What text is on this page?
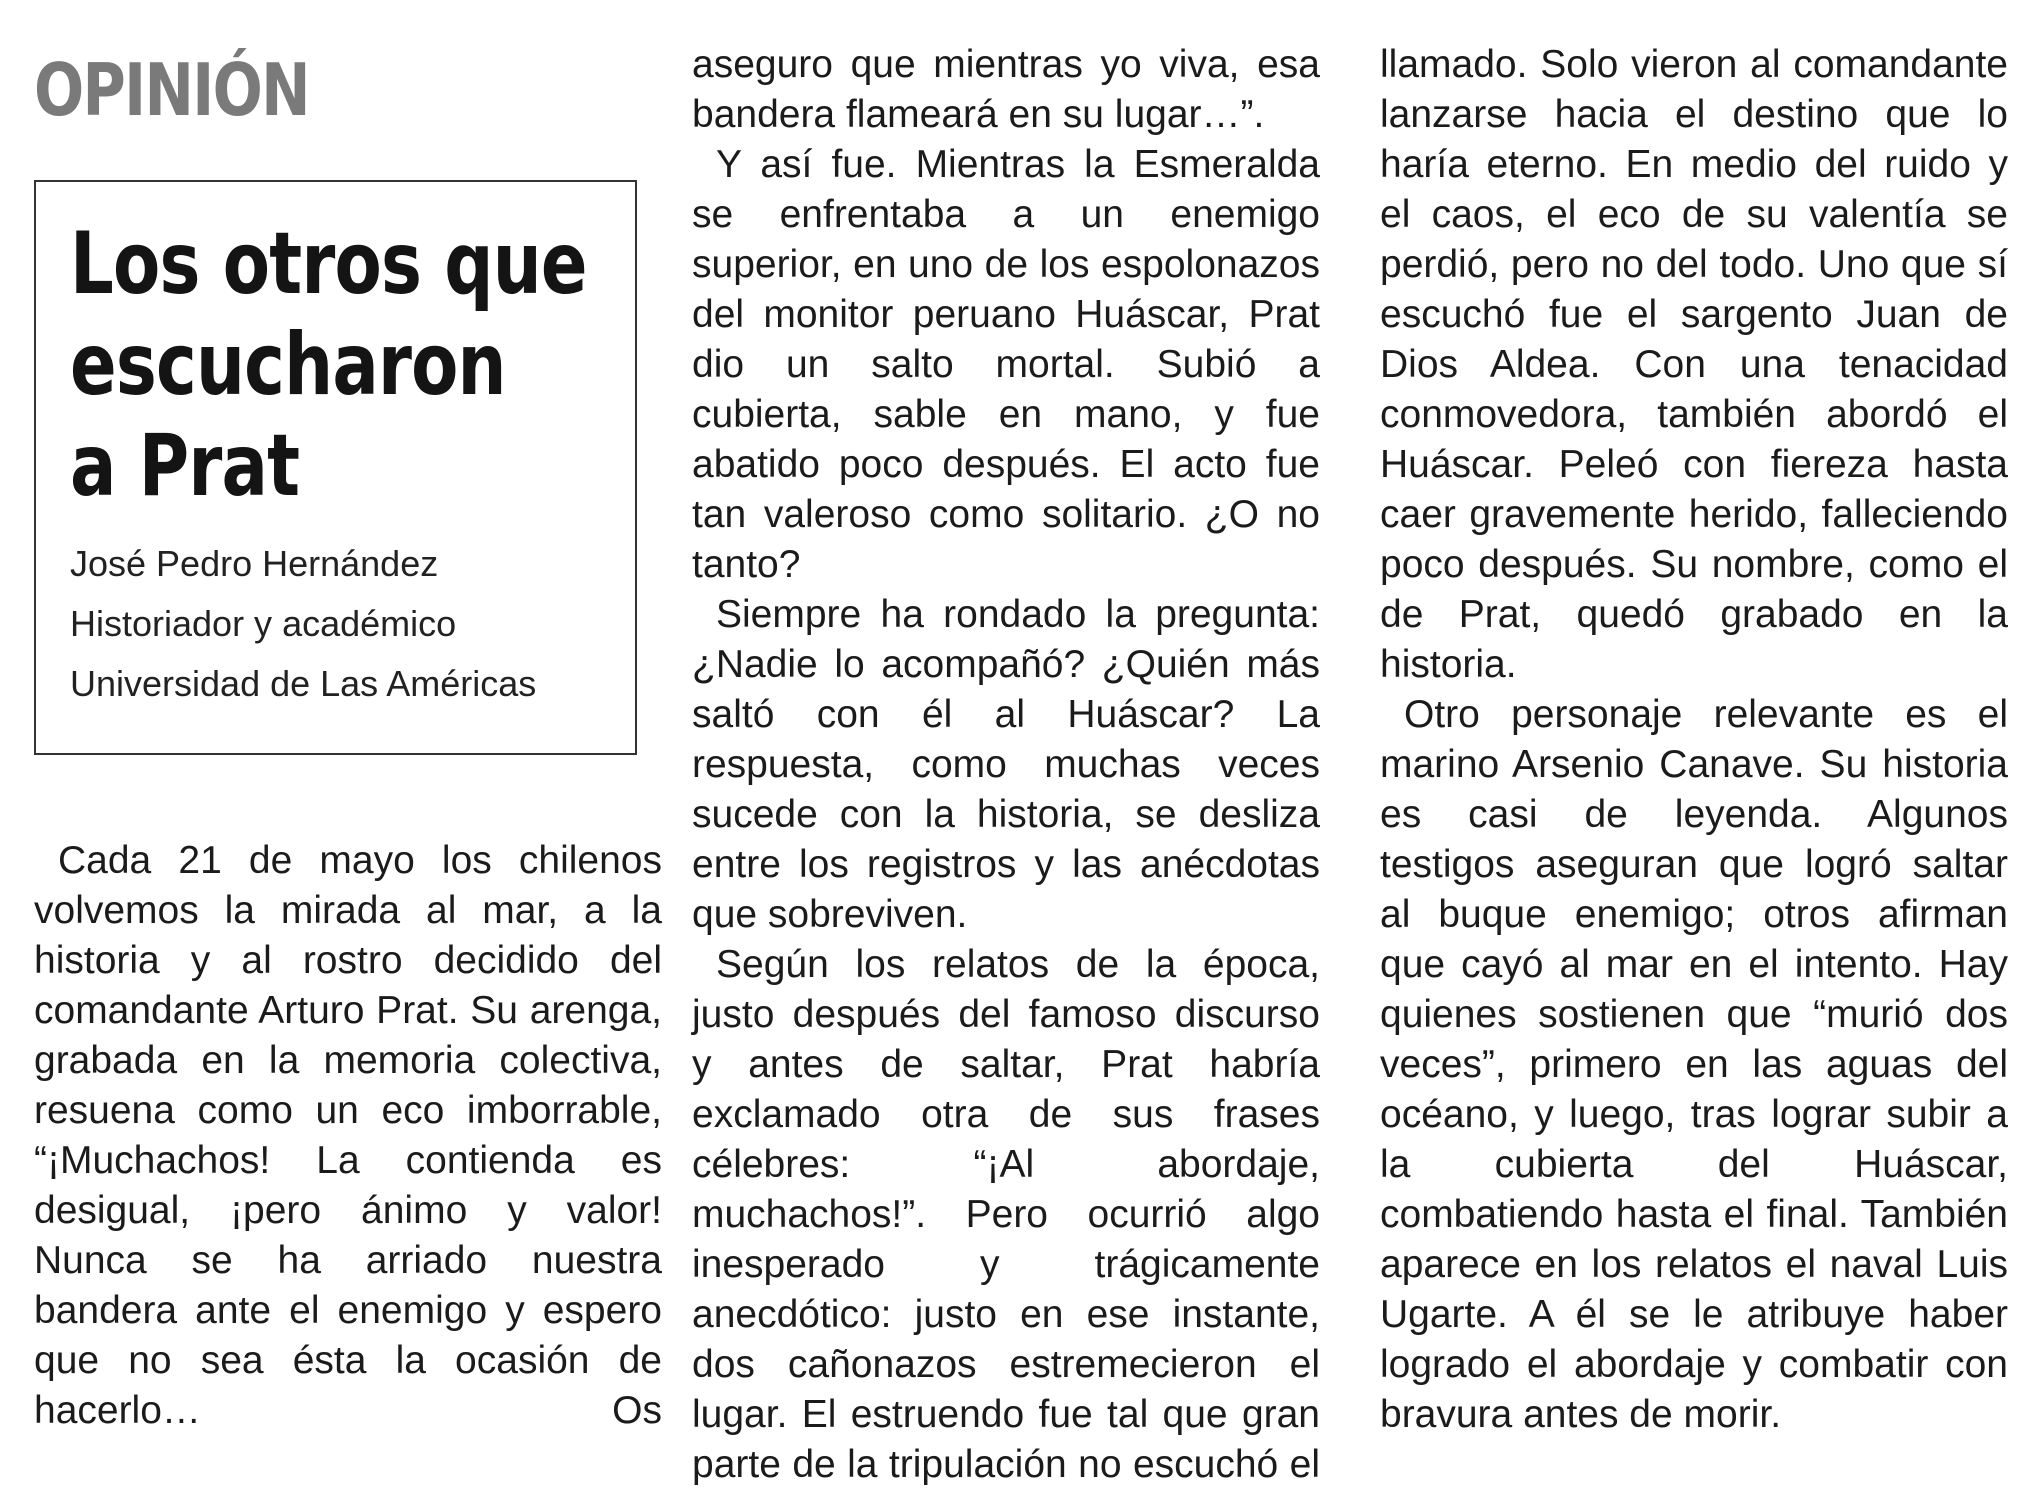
OPINIÓN
Los otros que
escucharon
a Prat
José Pedro Hernández
Historiador y académico
Universidad de Las Américas

Cada 21 de mayo los chilenos volvemos la mirada al mar, a la historia y al rostro decidido del comandante Arturo Prat. Su arenga, grabada en la memoria colectiva, resuena como un eco imborrable, “¡Muchachos! La contienda es desigual, ¡pero ánimo y valor! Nunca se ha arriado nuestra bandera ante el enemigo y espero que no sea ésta la ocasión de hacerlo… Os

aseguro que mientras yo viva, esa bandera flameará en su lugar…”.

Y así fue. Mientras la Esmeralda se enfrentaba a un enemigo superior, en uno de los espolonazos del monitor peruano Huáscar, Prat dio un salto mortal. Subió a cubierta, sable en mano, y fue abatido poco después. El acto fue tan valeroso como solitario. ¿O no tanto?

Siempre ha rondado la pregunta: ¿Nadie lo acompañó? ¿Quién más saltó con él al Huáscar? La respuesta, como muchas veces sucede con la historia, se desliza entre los registros y las anécdotas que sobreviven.

Según los relatos de la época, justo después del famoso discurso y antes de saltar, Prat habría exclamado otra de sus frases célebres: “¡Al abordaje, muchachos!”. Pero ocurrió algo inesperado y trágicamente anecdótico: justo en ese instante, dos cañonazos estremecieron el lugar. El estruendo fue tal que gran parte de la tripulación no escuchó el

llamado. Solo vieron al comandante lanzarse hacia el destino que lo haría eterno. En medio del ruido y el caos, el eco de su valentía se perdió, pero no del todo. Uno que sí escuchó fue el sargento Juan de Dios Aldea. Con una tenacidad conmovedora, también abordó el Huáscar. Peleó con fiereza hasta caer gravemente herido, falleciendo poco después. Su nombre, como el de Prat, quedó grabado en la historia.

Otro personaje relevante es el marino Arsenio Canave. Su historia es casi de leyenda. Algunos testigos aseguran que logró saltar al buque enemigo; otros afirman que cayó al mar en el intento. Hay quienes sostienen que “murió dos veces”, primero en las aguas del océano, y luego, tras lograr subir a la cubierta del Huáscar, combatiendo hasta el final. También aparece en los relatos el naval Luis Ugarte. A él se le atribuye haber logrado el abordaje y combatir con bravura antes de morir.
